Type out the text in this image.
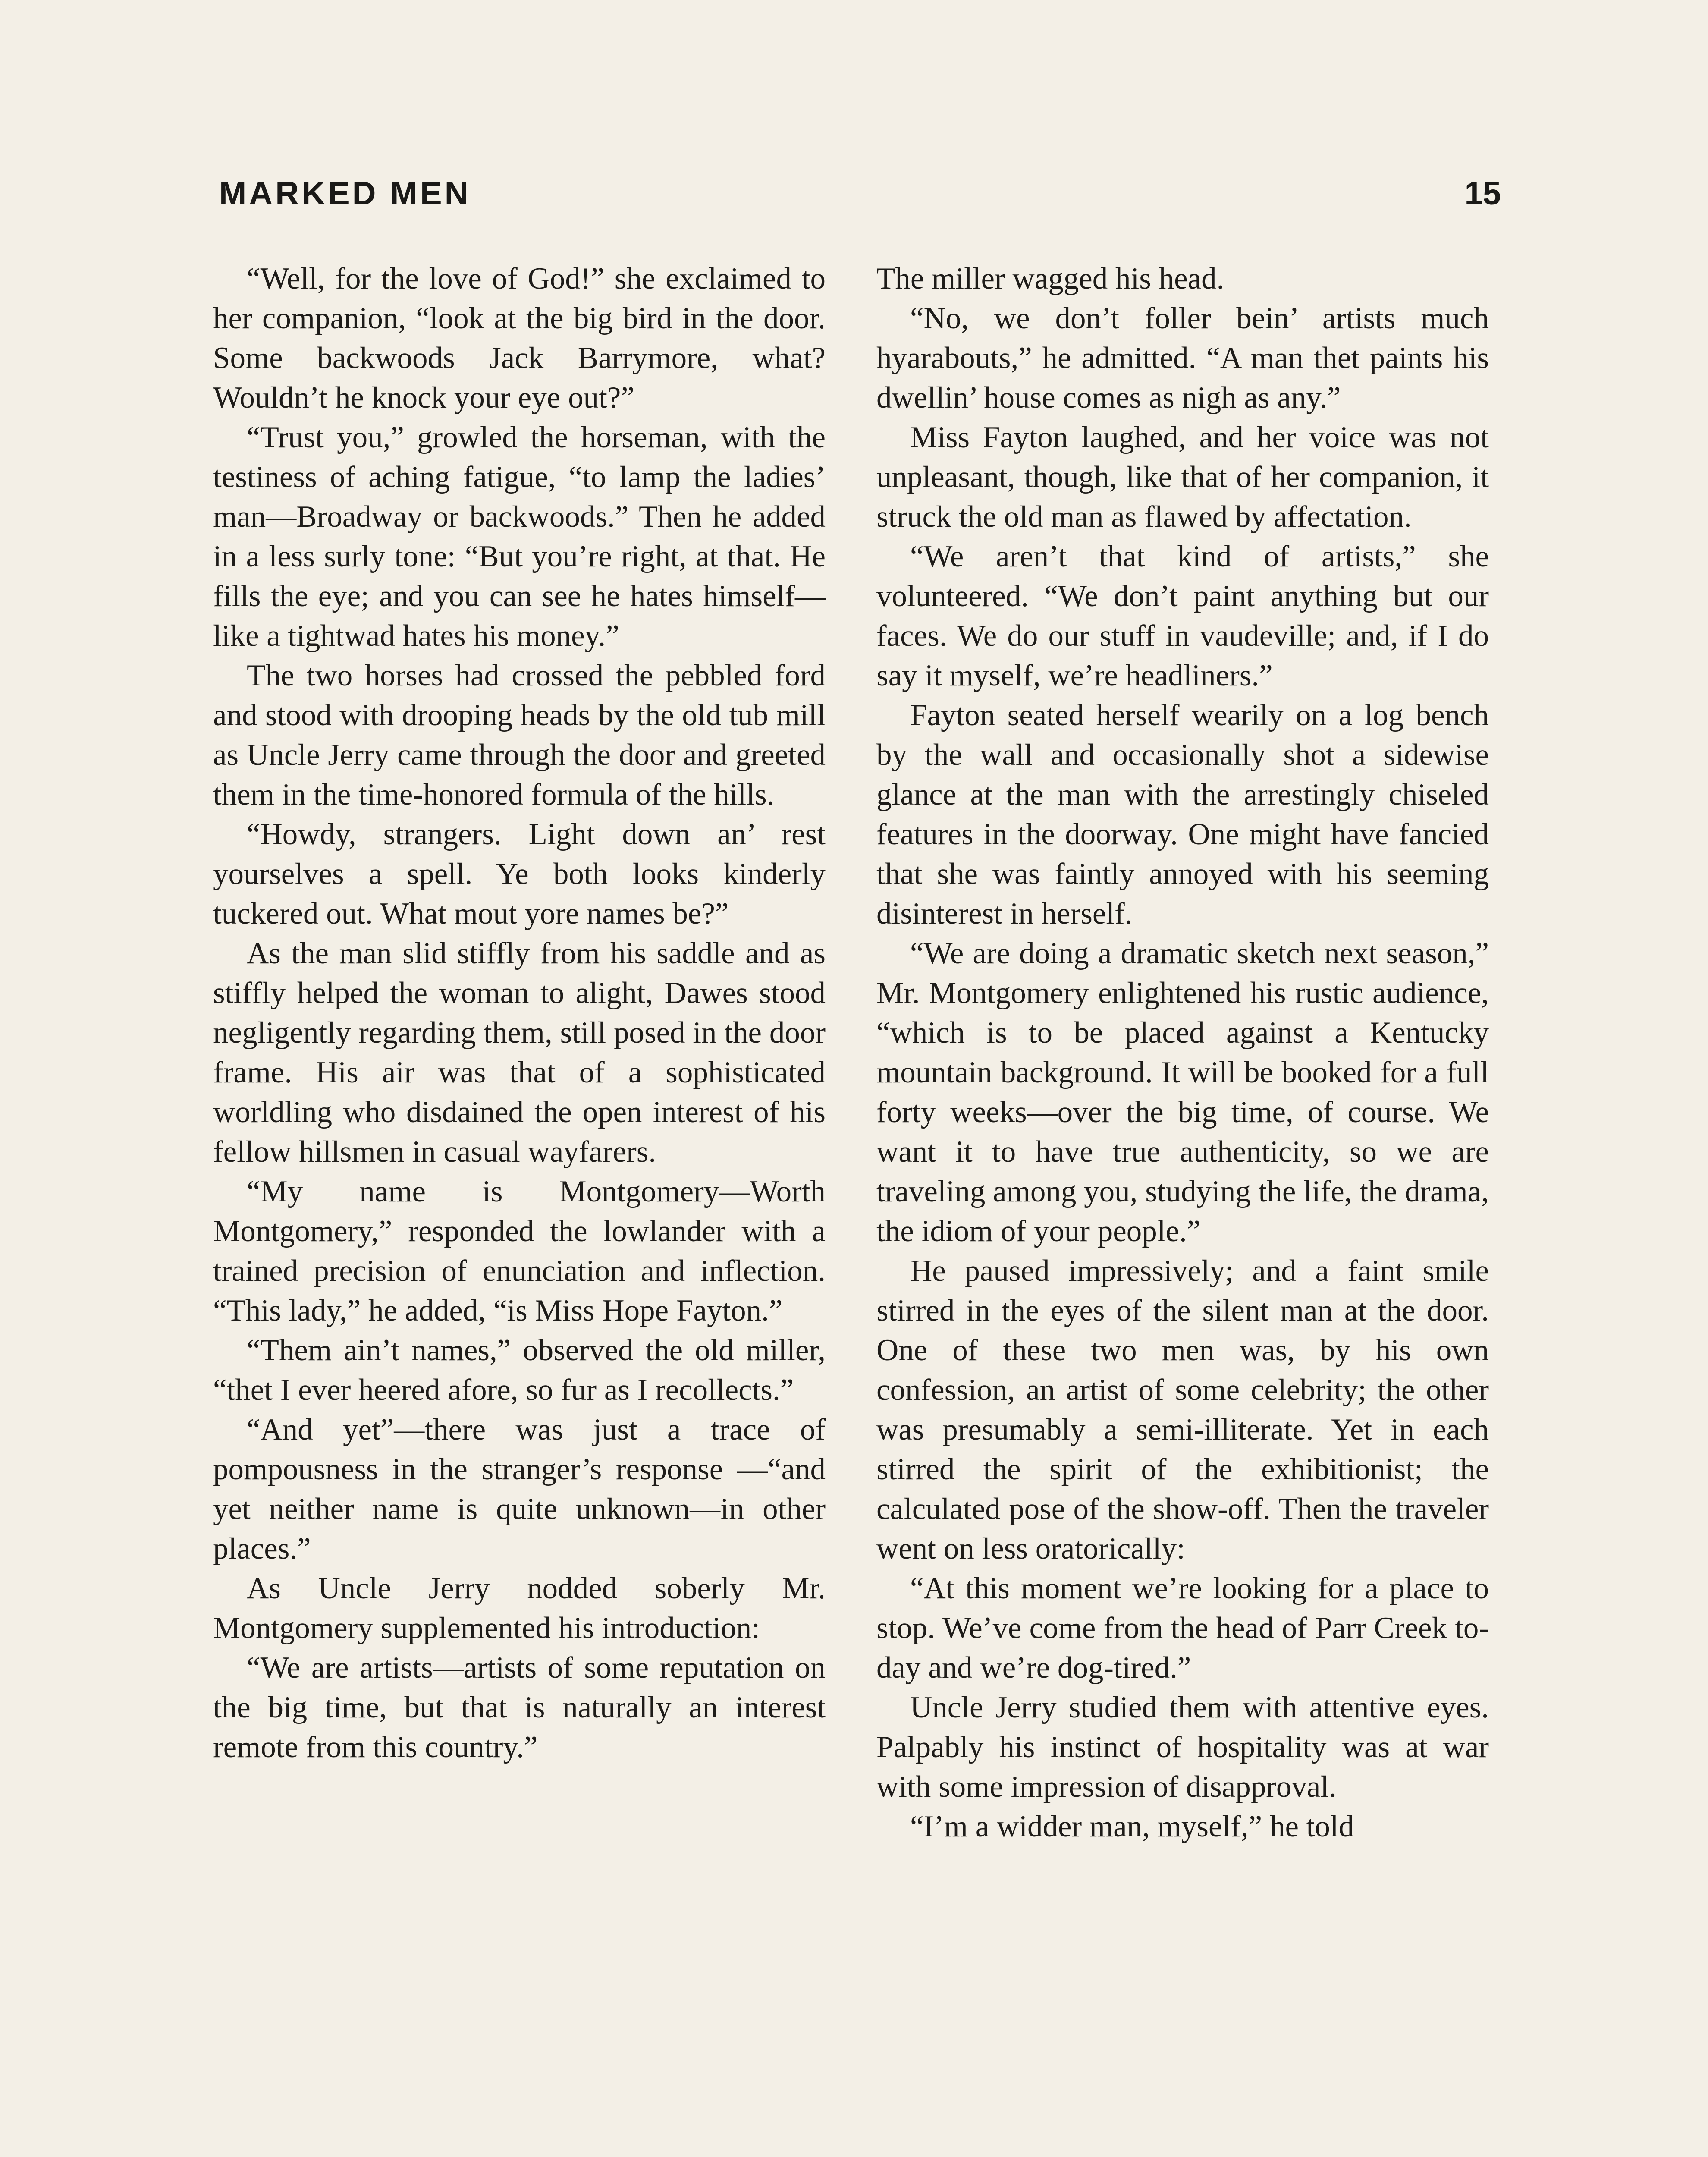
MARKED MEN	15

“Well, for the love of God!” she exclaimed to her companion, “look at the big bird in the door. Some backwoods Jack Barrymore, what? Wouldn’t he knock your eye out?”

“Trust you,” growled the horseman, with the testiness of aching fatigue, “to lamp the ladies’ man—Broadway or backwoods.” Then he added in a less surly tone: “But you’re right, at that. He fills the eye; and you can see he hates himself—like a tightwad hates his money.”

The two horses had crossed the pebbled ford and stood with drooping heads by the old tub mill as Uncle Jerry came through the door and greeted them in the time-honored formula of the hills.

“Howdy, strangers. Light down an’ rest yourselves a spell. Ye both looks kinderly tuckered out. What mout yore names be?”

As the man slid stiffly from his saddle and as stiffly helped the woman to alight, Dawes stood negligently regarding them, still posed in the door frame. His air was that of a sophisticated worldling who disdained the open interest of his fellow hillsmen in casual wayfarers.

“My name is Montgomery—Worth Montgomery,” responded the lowlander with a trained precision of enunciation and inflection. “This lady,” he added, “is Miss Hope Fayton.”

“Them ain’t names,” observed the old miller, “thet I ever heered afore, so fur as I recollects.”

“And yet”—there was just a trace of pompousness in the stranger’s response —“and yet neither name is quite unknown—in other places.”

As Uncle Jerry nodded soberly Mr. Montgomery supplemented his introduction:

“We are artists—artists of some reputation on the big time, but that is naturally an interest remote from this country.”

The miller wagged his head.

“No, we don’t foller bein’ artists much hyarabouts,” he admitted. “A man thet paints his dwellin’ house comes as nigh as any.”

Miss Fayton laughed, and her voice was not unpleasant, though, like that of her companion, it struck the old man as flawed by affectation.

“We aren’t that kind of artists,” she volunteered. “We don’t paint anything but our faces. We do our stuff in vaudeville; and, if I do say it myself, we’re headliners.”

Fayton seated herself wearily on a log bench by the wall and occasionally shot a sidewise glance at the man with the arrestingly chiseled features in the doorway. One might have fancied that she was faintly annoyed with his seeming disinterest in herself.

“We are doing a dramatic sketch next season,” Mr. Montgomery enlightened his rustic audience, “which is to be placed against a Kentucky mountain background. It will be booked for a full forty weeks—over the big time, of course. We want it to have true authenticity, so we are traveling among you, studying the life, the drama, the idiom of your people.”

He paused impressively; and a faint smile stirred in the eyes of the silent man at the door. One of these two men was, by his own confession, an artist of some celebrity; the other was presumably a semi-illiterate. Yet in each stirred the spirit of the exhibitionist; the calculated pose of the show-off. Then the traveler went on less oratorically:

“At this moment we’re looking for a place to stop. We’ve come from the head of Parr Creek to-day and we’re dog-tired.”

Uncle Jerry studied them with attentive eyes. Palpably his instinct of hospitality was at war with some impression of disapproval.

“I’m a widder man, myself,” he told
